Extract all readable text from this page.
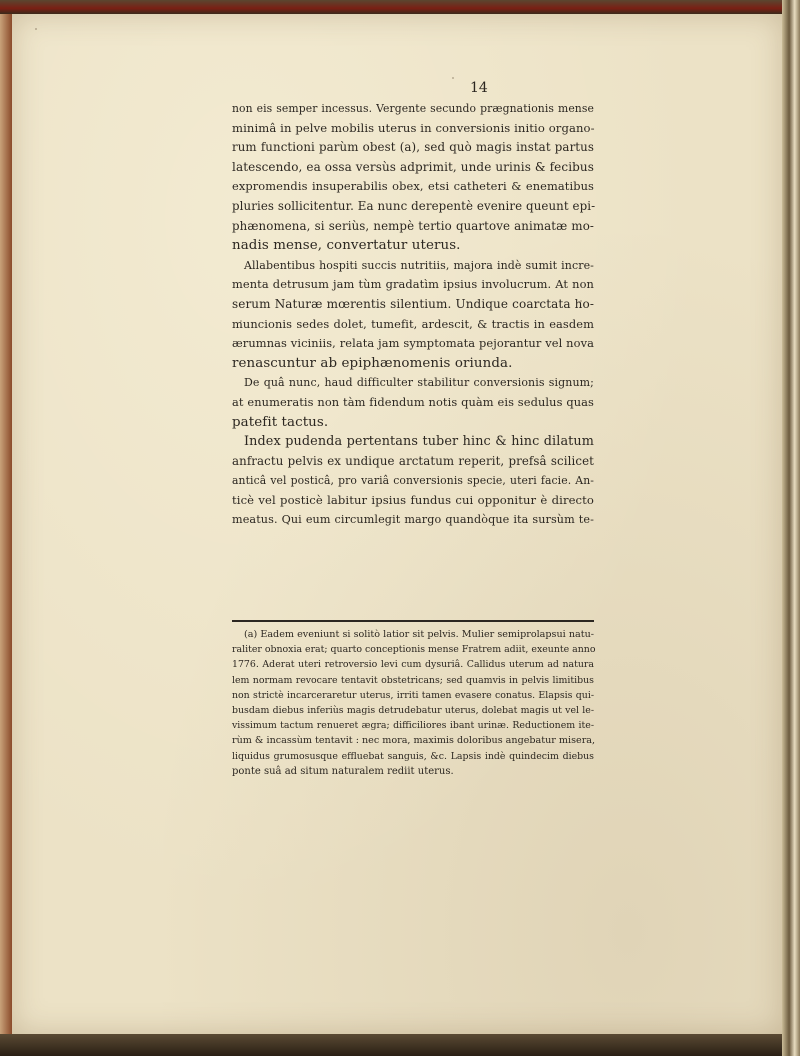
14
non eis semper incessus. Vergente secundo prægnationis mense
minimâ in pelve mobilis uterus in conversionis initio organo-
rum functioni parùm obest (a), sed quò magis instat partus
latescendo, ea ossa versùs adprimit, unde urinis & fecibus
expromendis insuperabilis obex, etsi catheteri & enematibus
pluries sollicitentur. Ea nunc derepentè evenire queunt epi-
phænomena, si seriùs, nempè tertio quartove animatæ mo-
nadis mense, convertatur uterus.
Allabentibus hospiti succis nutritiis, majora indè sumit incre-
menta detrusum jam tùm gradatìm ipsius involucrum. At non
serum Naturæ mœrentis silentium. Undique coarctata ho-
muncionis sedes dolet, tumefit, ardescit, & tractis in easdem
ærumnas viciniis, relata jam symptomata pejorantur vel nova
renascuntur ab epiphænomenis oriunda.
De quâ nunc, haud difficulter stabilitur conversionis signum;
at enumeratis non tàm fidendum notis quàm eis sedulus quas
patefit tactus.
Index pudenda pertentans tuber hinc & hinc dilatum
anfractu pelvis ex undique arctatum reperit, prefsâ scilicet
anticâ vel posticâ, pro variâ conversionis specie, uteri facie. An-
ticè vel posticè labitur ipsius fundus cui opponitur è directo
meatus. Qui eum circumlegit margo quandòque ita sursùm te-
(a) Eadem eveniunt si solitò latior sit pelvis. Mulier semiprolapsui natu-
raliter obnoxia erat; quarto conceptionis mense Fratrem adiit, exeunte anno
1776. Aderat uteri retroversio levi cum dysuriâ. Callidus uterum ad natura
lem normam revocare tentavit obstetricans; sed quamvis in pelvis limitibus
non strictè incarceraretur uterus, irriti tamen evasere conatus. Elapsis qui-
busdam diebus inferiùs magis detrudebatur uterus, dolebat magis ut vel le-
vissimum tactum renueret ægra; difficiliores ibant urinæ. Reductionem ite-
rùm & incassùm tentavit : nec mora, maximis doloribus angebatur misera,
liquidus grumosusque effluebat sanguis, &c. Lapsis indè quindecim diebus
ponte suâ ad situm naturalem rediit uterus.
